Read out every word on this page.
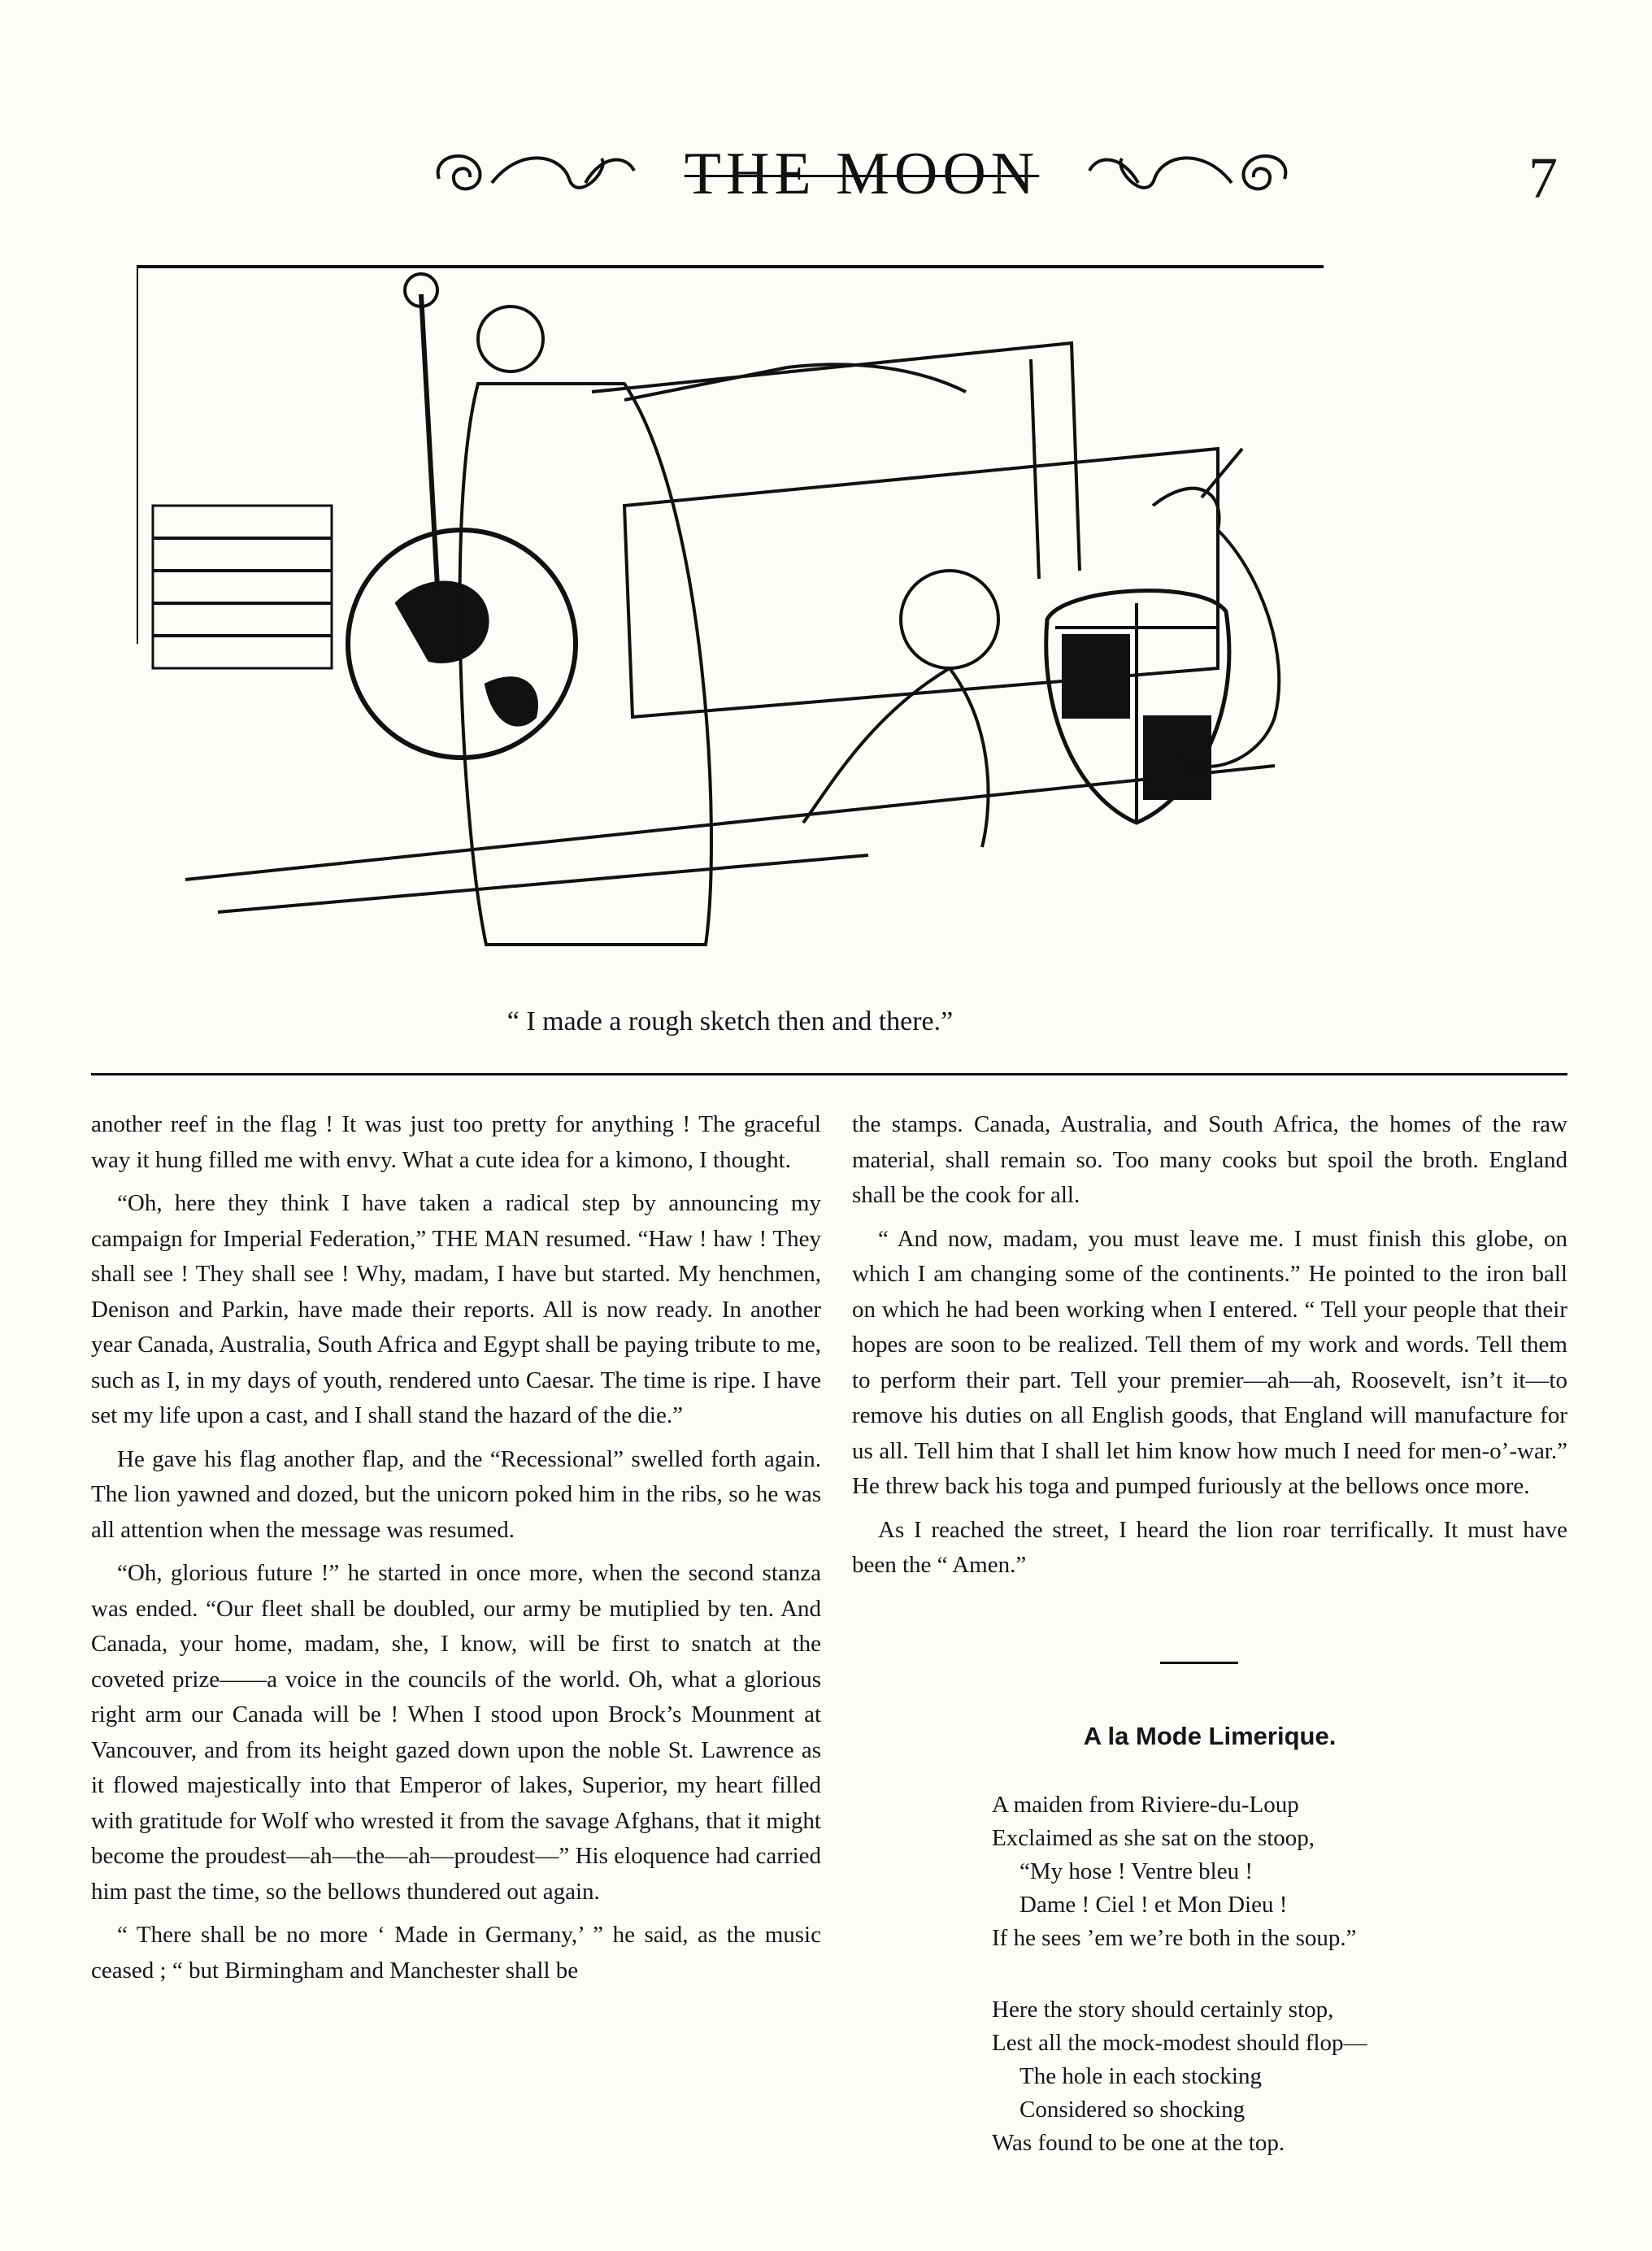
THE MOON	7
“ I made a rough sketch then and there.”

another reef in the flag ! It was just too pretty for anything ! The graceful way it hung filled me with envy. What a cute idea for a kimono, I thought.

“Oh, here they think I have taken a radical step by announcing my campaign for Imperial Federation,” THE MAN resumed. “Haw ! haw ! They shall see ! They shall see ! Why, madam, I have but started. My henchmen, Denison and Parkin, have made their reports. All is now ready. In another year Canada, Australia, South Africa and Egypt shall be paying tribute to me, such as I, in my days of youth, rendered unto Caesar. The time is ripe. I have set my life upon a cast, and I shall stand the hazard of the die.”

He gave his flag another flap, and the “Recessional” swelled forth again. The lion yawned and dozed, but the unicorn poked him in the ribs, so he was all attention when the message was resumed.

“Oh, glorious future !” he started in once more, when the second stanza was ended. “Our fleet shall be doubled, our army be mutiplied by ten. And Canada, your home, madam, she, I know, will be first to snatch at the coveted prize——a voice in the councils of the world. Oh, what a glorious right arm our Canada will be ! When I stood upon Brock’s Mounment at Vancouver, and from its height gazed down upon the noble St. Lawrence as it flowed majestically into that Emperor of lakes, Superior, my heart filled with gratitude for Wolf who wrested it from the savage Afghans, that it might become the proudest—ah—the—ah—proudest—” His eloquence had carried him past the time, so the bellows thundered out again.

“ There shall be no more ‘ Made in Germany,’ ” he said, as the music ceased ; “ but Birmingham and Manchester shall be

the stamps. Canada, Australia, and South Africa, the homes of the raw material, shall remain so. Too many cooks but spoil the broth. England shall be the cook for all.

“ And now, madam, you must leave me. I must finish this globe, on which I am changing some of the continents.” He pointed to the iron ball on which he had been working when I entered. “ Tell your people that their hopes are soon to be realized. Tell them of my work and words. Tell them to perform their part. Tell your premier—ah—ah, Roosevelt, isn’t it—to remove his duties on all English goods, that England will manufacture for us all. Tell him that I shall let him know how much I need for men-o’-war.” He threw back his toga and pumped furiously at the bellows once more.

As I reached the street, I heard the lion roar terrifically. It must have been the “ Amen.”

A la Mode Limerique.
A maiden from Riviere-du-Loup
Exclaimed as she sat on the stoop,
“My hose ! Ventre bleu !
Dame ! Ciel ! et Mon Dieu !
If he sees ’em we’re both in the soup.”
Here the story should certainly stop,
Lest all the mock-modest should flop—
The hole in each stocking
Considered so shocking
Was found to be one at the top.
